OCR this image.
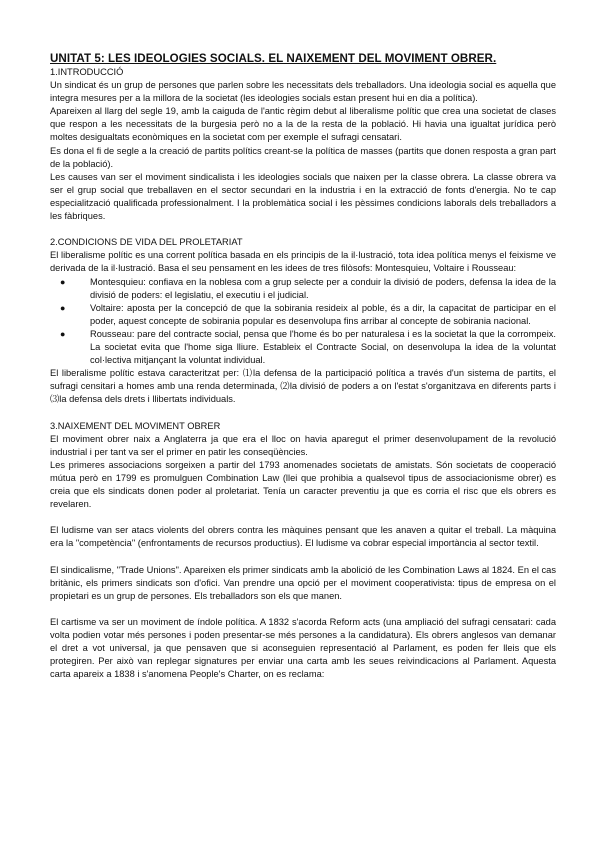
UNITAT 5: LES IDEOLOGIES SOCIALS. EL NAIXEMENT DEL MOVIMENT OBRER.
1.INTRODUCCIÓ

Un sindicat és un grup de persones que parlen sobre les necessitats dels treballadors. Una ideologia social es aquella que integra mesures per a la millora de la societat (les ideologies socials estan present hui en dia a política).

Apareixen al llarg del segle 19, amb la caiguda de l'antic règim debut al liberalisme polític que crea una societat de clases que respon a les necessitats de la burgesia però no a la de la resta de la població. Hi havia una igualtat jurídica però moltes desigualtats econòmiques en la societat com per exemple el sufragi censatari.

Es dona el fi de segle a la creació de partits polítics creant-se la política de masses (partits que donen resposta a gran part de la població).

Les causes van ser el moviment sindicalista i les ideologies socials que naixen per la classe obrera. La classe obrera va ser el grup social que treballaven en el sector secundari en la industria i en la extracció de fonts d'energia. No te cap especialització qualificada professionalment. I la problemàtica social i les pèssimes condicions laborals dels treballadors a les fàbriques.

2.CONDICIONS DE VIDA DEL PROLETARIAT

El liberalisme polític es una corrent política basada en els principis de la il·lustració, tota idea política menys el feixisme ve derivada de la il·lustració. Basa el seu pensament en les idees de tres filòsofs: Montesquieu, Voltaire i Rousseau:

●	Montesquieu: confiava en la noblesa com a grup selecte per a conduir la divisió de poders, defensa la idea de la divisió de poders: el legislatiu, el executiu i el judicial.
●	Voltaire: aposta per la concepció de que la sobirania resideix al poble, és a dir, la capacitat de participar en el poder, aquest concepte de sobirania popular es desenvolupa fins arribar al concepte de sobirania nacional.
●	Rousseau: pare del contracte social, pensa que l'home és bo per naturalesa i es la societat la que la corrompeix. La societat evita que l'home siga lliure. Estableix el Contracte Social, on desenvolupa la idea de la voluntat col·lectiva mitjançant la voluntat individual.

El liberalisme polític estava caracteritzat per: ⑴la defensa de la participació política a través d'un sistema de partits, el sufragi censitari a homes amb una renda determinada, ⑵la divisió de poders a on l'estat s'organitzava en diferents parts i ⑶la defensa dels drets i llibertats individuals.

3.NAIXEMENT DEL MOVIMENT OBRER

El moviment obrer naix a Anglaterra ja que era el lloc on havia aparegut el primer desenvolupament de la revolució industrial i per tant va ser el primer en patir les conseqüències.

Les primeres associacions sorgeixen a partir del 1793 anomenades societats de amistats. Són societats de cooperació mútua però en 1799 es promulguen Combination Law (llei que prohibia a qualsevol tipus de associacionisme obrer) es creia que els sindicats donen poder al proletariat. Tenía un caracter preventiu ja que es corria el risc que els obrers es revelaren.

El ludisme van ser atacs violents del obrers contra les màquines pensant que les anaven a quitar el treball. La màquina era la "competència" (enfrontaments de recursos productius). El ludisme va cobrar especial importància al sector textil.

El sindicalisme, "Trade Unions". Apareixen els primer sindicats amb la abolició de les Combination Laws al 1824. En el cas britànic, els primers sindicats son d'ofici. Van prendre una opció per el moviment cooperativista: tipus de empresa on el propietari es un grup de persones. Els treballadors son els que manen.

El cartisme va ser un moviment de índole política. A 1832 s'acorda Reform acts (una ampliació del sufragi censatari: cada volta podien votar més persones i poden presentar-se més persones a la candidatura). Els obrers anglesos van demanar el dret a vot universal, ja que pensaven que si aconseguien representació al Parlament, es poden fer lleis que els protegiren. Per això van replegar signatures per enviar una carta amb les seues reivindicacions al Parlament. Aquesta carta apareix a 1838 i s'anomena People's Charter, on es reclama:
